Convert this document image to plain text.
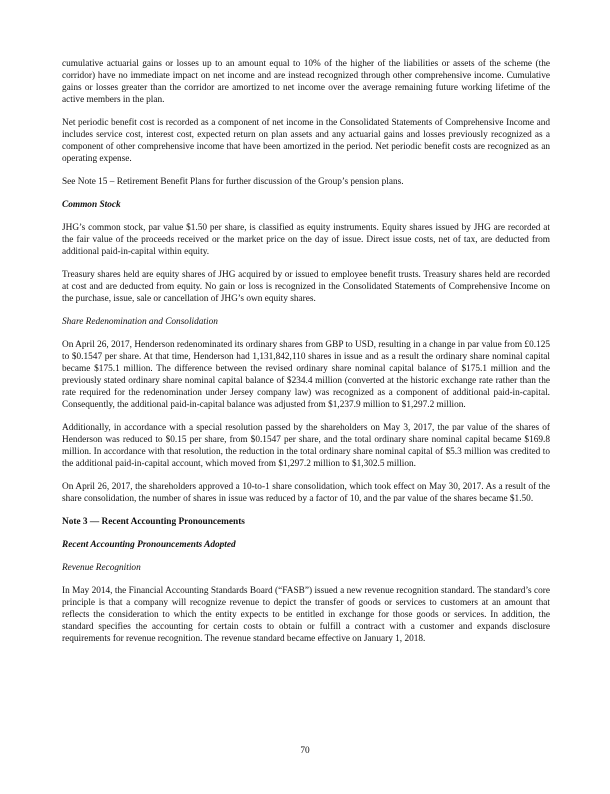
cumulative actuarial gains or losses up to an amount equal to 10% of the higher of the liabilities or assets of the scheme (the corridor) have no immediate impact on net income and are instead recognized through other comprehensive income. Cumulative gains or losses greater than the corridor are amortized to net income over the average remaining future working lifetime of the active members in the plan.

Net periodic benefit cost is recorded as a component of net income in the Consolidated Statements of Comprehensive Income and includes service cost, interest cost, expected return on plan assets and any actuarial gains and losses previously recognized as a component of other comprehensive income that have been amortized in the period. Net periodic benefit costs are recognized as an operating expense.

See Note 15 – Retirement Benefit Plans for further discussion of the Group’s pension plans.

Common Stock

JHG’s common stock, par value $1.50 per share, is classified as equity instruments. Equity shares issued by JHG are recorded at the fair value of the proceeds received or the market price on the day of issue. Direct issue costs, net of tax, are deducted from additional paid-in-capital within equity.

Treasury shares held are equity shares of JHG acquired by or issued to employee benefit trusts. Treasury shares held are recorded at cost and are deducted from equity. No gain or loss is recognized in the Consolidated Statements of Comprehensive Income on the purchase, issue, sale or cancellation of JHG’s own equity shares.

Share Redenomination and Consolidation

On April 26, 2017, Henderson redenominated its ordinary shares from GBP to USD, resulting in a change in par value from £0.125 to $0.1547 per share. At that time, Henderson had 1,131,842,110 shares in issue and as a result the ordinary share nominal capital became $175.1 million. The difference between the revised ordinary share nominal capital balance of $175.1 million and the previously stated ordinary share nominal capital balance of $234.4 million (converted at the historic exchange rate rather than the rate required for the redenomination under Jersey company law) was recognized as a component of additional paid-in-capital. Consequently, the additional paid-in-capital balance was adjusted from $1,237.9 million to $1,297.2 million.

Additionally, in accordance with a special resolution passed by the shareholders on May 3, 2017, the par value of the shares of Henderson was reduced to $0.15 per share, from $0.1547 per share, and the total ordinary share nominal capital became $169.8 million. In accordance with that resolution, the reduction in the total ordinary share nominal capital of $5.3 million was credited to the additional paid-in-capital account, which moved from $1,297.2 million to $1,302.5 million.

On April 26, 2017, the shareholders approved a 10-to-1 share consolidation, which took effect on May 30, 2017. As a result of the share consolidation, the number of shares in issue was reduced by a factor of 10, and the par value of the shares became $1.50.

Note 3 — Recent Accounting Pronouncements
Recent Accounting Pronouncements Adopted
Revenue Recognition

In May 2014, the Financial Accounting Standards Board (“FASB”) issued a new revenue recognition standard. The standard’s core principle is that a company will recognize revenue to depict the transfer of goods or services to customers at an amount that reflects the consideration to which the entity expects to be entitled in exchange for those goods or services. In addition, the standard specifies the accounting for certain costs to obtain or fulfill a contract with a customer and expands disclosure requirements for revenue recognition. The revenue standard became effective on January 1, 2018.

70
